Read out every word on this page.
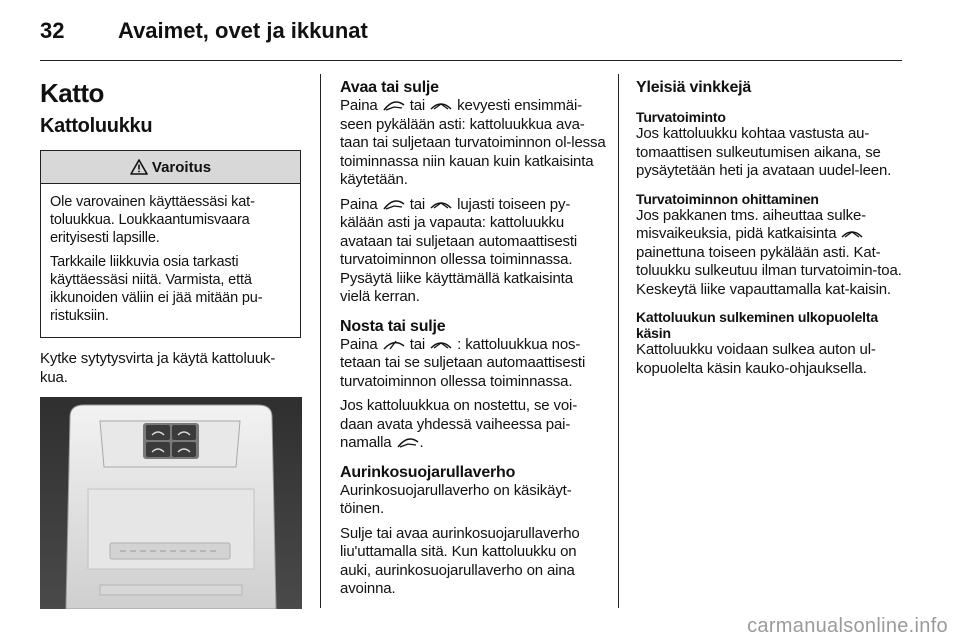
32 Avaimet, ovet ja ikkunat
Katto
Kattoluukku
Varoitus

Ole varovainen käyttäessäsi kat-toluukkua. Loukkaantumisvaara erityisesti lapsille.

Tarkkaile liikkuvia osia tarkasti käyttäessäsi niitä. Varmista, että ikkunoiden väliin ei jää mitään pu-ristuksiin.

Kytke sytytysvirta ja käytä kattoluuk-kua.

Avaa tai sulje

Paina tai kevyesti ensimmäi-seen pykälään asti: kattoluukkua ava-taan tai suljetaan turvatoiminnon ol-lessa toiminnassa niin kauan kuin katkaisinta käytetään.

Paina tai lujasti toiseen py-kälään asti ja vapauta: kattoluukku avataan tai suljetaan automaattisesti turvatoiminnon ollessa toiminnassa. Pysäytä liike käyttämällä katkaisinta vielä kerran.

Nosta tai sulje

Paina tai : kattoluukkua nos-tetaan tai se suljetaan automaattisesti turvatoiminnon ollessa toiminnassa.

Jos kattoluukkua on nostettu, se voi-daan avata yhdessä vaiheessa pai-namalla .

Aurinkosuojarullaverho

Aurinkosuojarullaverho on käsikäyt-töinen.

Sulje tai avaa aurinkosuojarullaverho liu'uttamalla sitä. Kun kattoluukku on auki, aurinkosuojarullaverho on aina avoinna.

Yleisiä vinkkejä
Turvatoiminto

Jos kattoluukku kohtaa vastusta au-tomaattisen sulkeutumisen aikana, se pysäytetään heti ja avataan uudel-leen.

Turvatoiminnon ohittaminen

Jos pakkanen tms. aiheuttaa sulke-misvaikeuksia, pidä katkaisinta  painettuna toiseen pykälään asti. Kat-toluukku sulkeutuu ilman turvatoimin-toa. Keskeytä liike vapauttamalla kat-kaisin.

Kattoluukun sulkeminen ulkopuolelta käsin

Kattoluukku voidaan sulkea auton ul-kopuolelta käsin kauko-ohjauksella.

carmanualsonline.info
